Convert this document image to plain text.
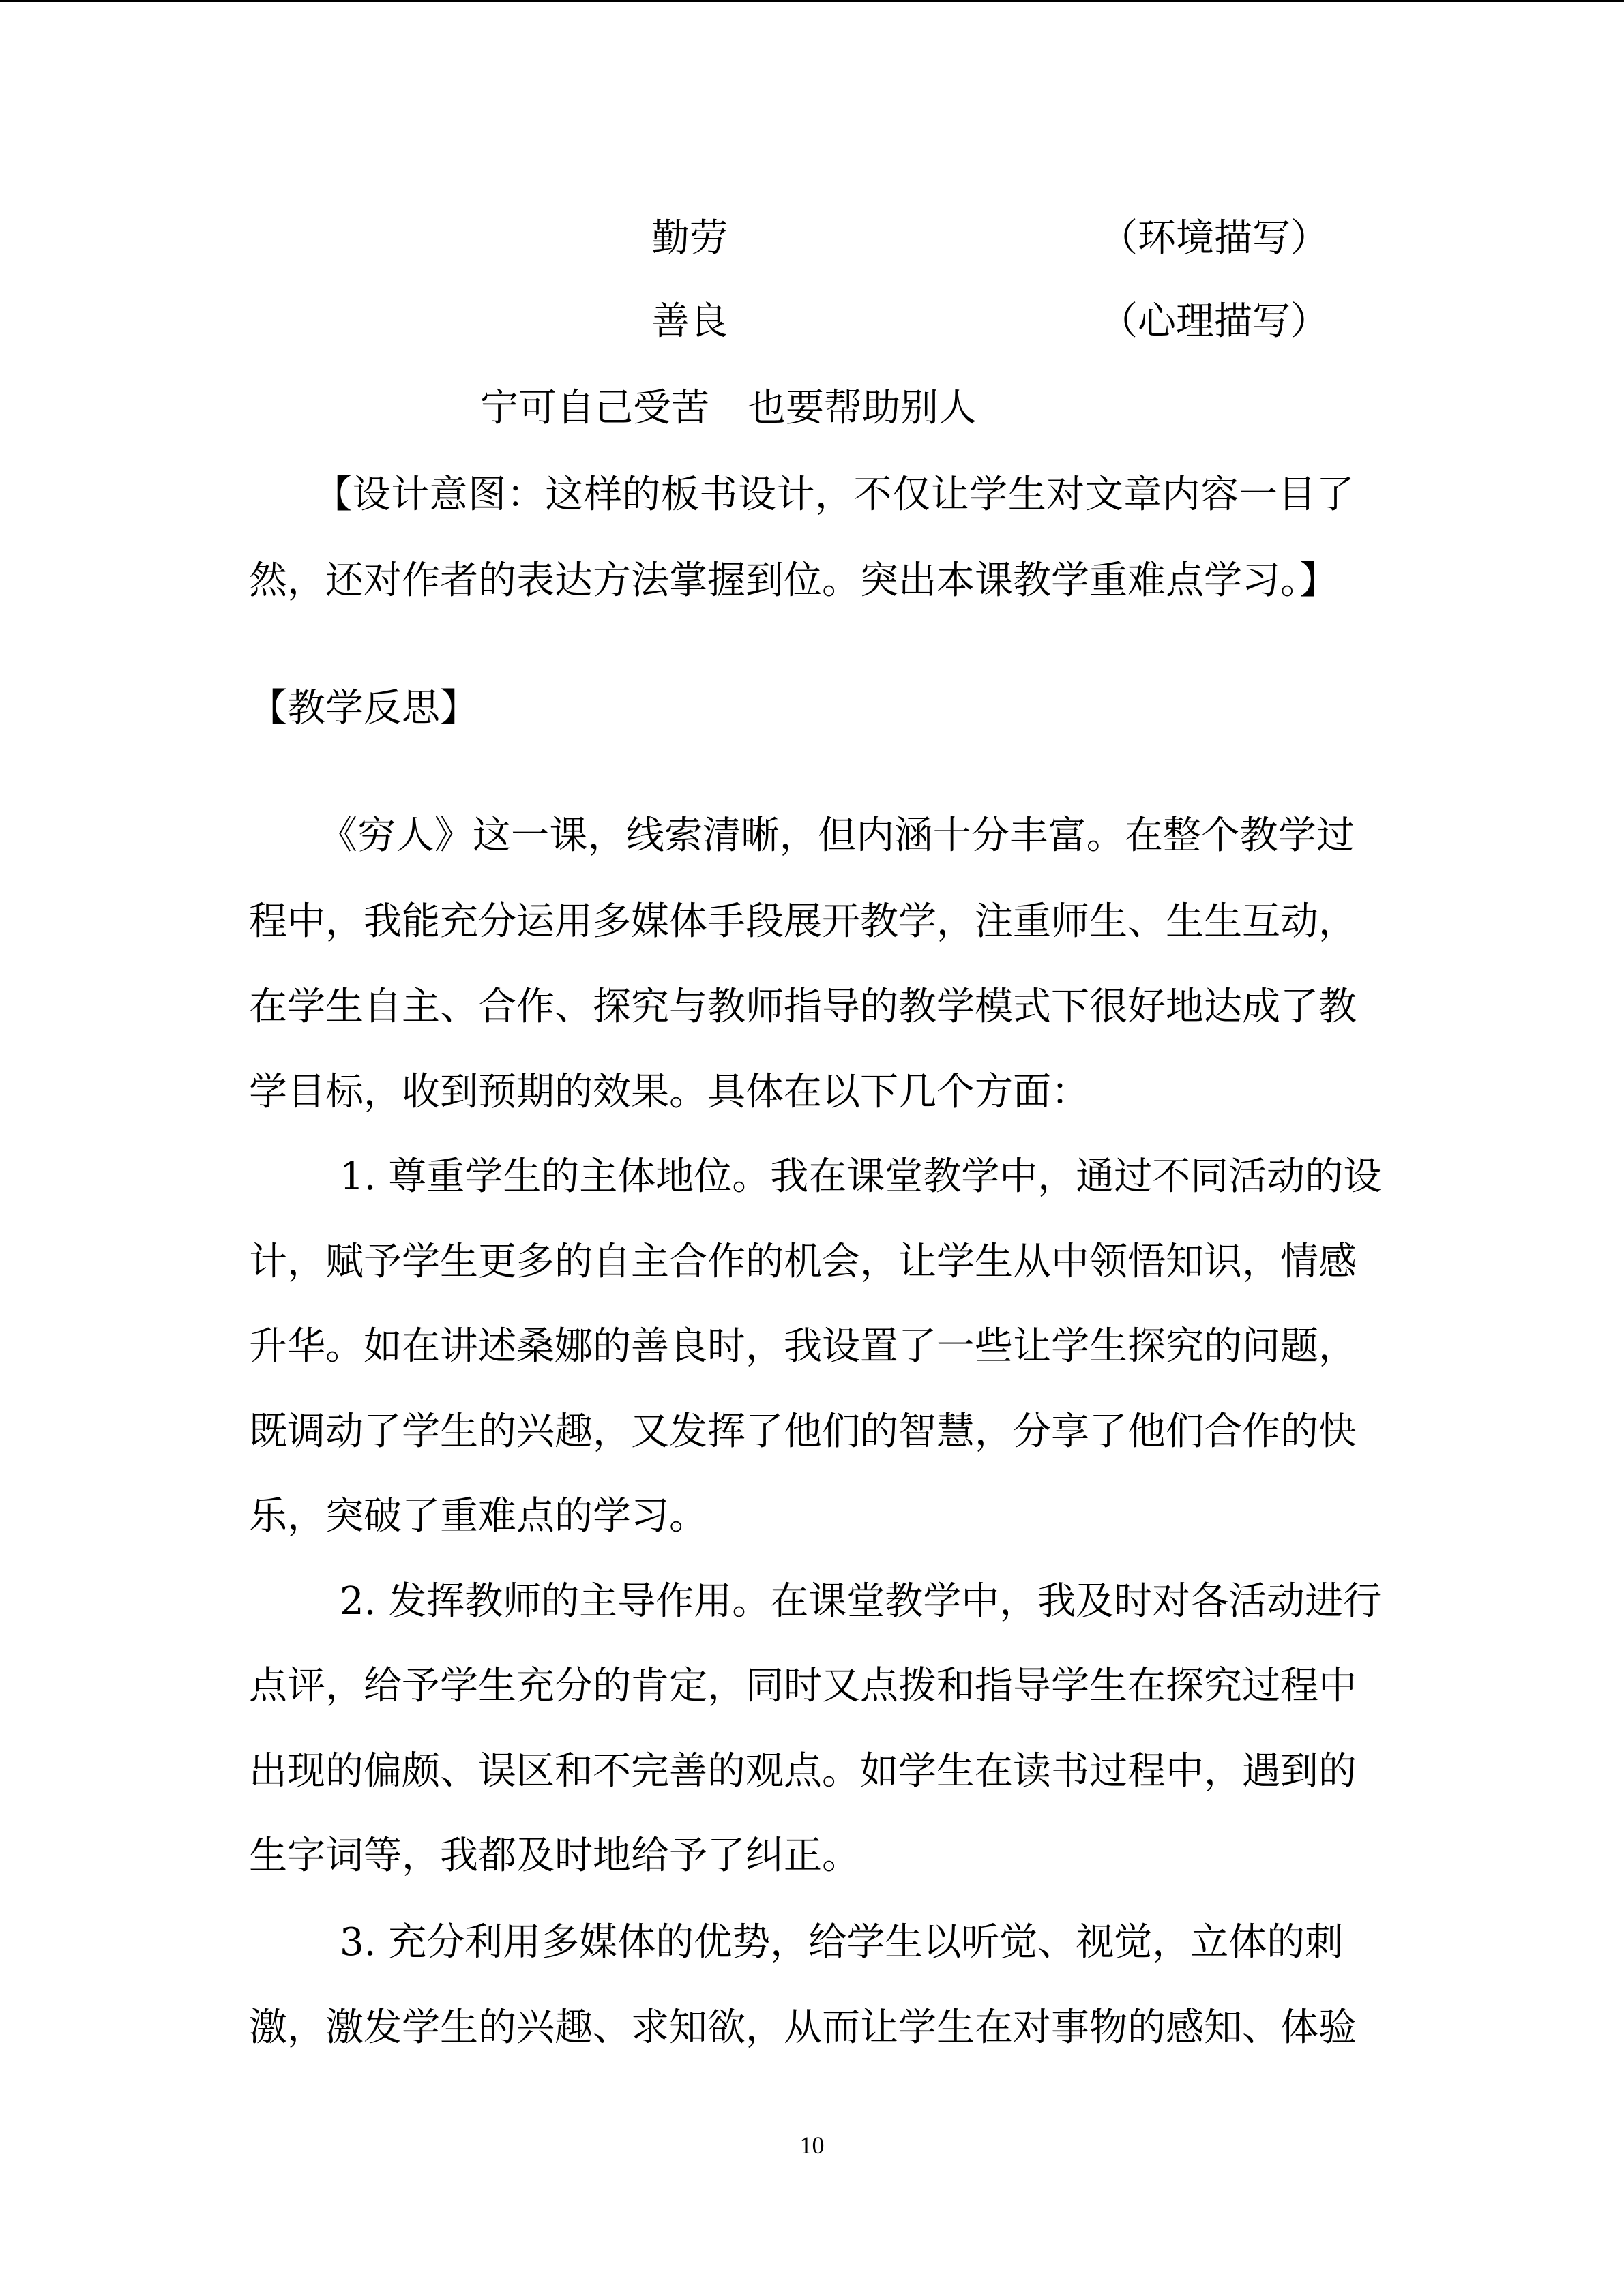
勤劳	（环境描写）
善良	（心理描写）
宁可自己受苦　也要帮助别人
【设计意图：这样的板书设计，不仅让学生对文章内容一目了
然，还对作者的表达方法掌握到位。突出本课教学重难点学习。】
【教学反思】
《穷人》这一课，线索清晰，但内涵十分丰富。在整个教学过
程中，我能充分运用多媒体手段展开教学，注重师生、生生互动，
在学生自主、合作、探究与教师指导的教学模式下很好地达成了教
学目标，收到预期的效果。具体在以下几个方面：
1. 尊重学生的主体地位。我在课堂教学中，通过不同活动的设
计，赋予学生更多的自主合作的机会，让学生从中领悟知识，情感
升华。如在讲述桑娜的善良时，我设置了一些让学生探究的问题，
既调动了学生的兴趣，又发挥了他们的智慧，分享了他们合作的快
乐，突破了重难点的学习。
2. 发挥教师的主导作用。在课堂教学中，我及时对各活动进行
点评，给予学生充分的肯定，同时又点拨和指导学生在探究过程中
出现的偏颇、误区和不完善的观点。如学生在读书过程中，遇到的
生字词等，我都及时地给予了纠正。
3. 充分利用多媒体的优势，给学生以听觉、视觉，立体的刺
激，激发学生的兴趣、求知欲，从而让学生在对事物的感知、体验
10
